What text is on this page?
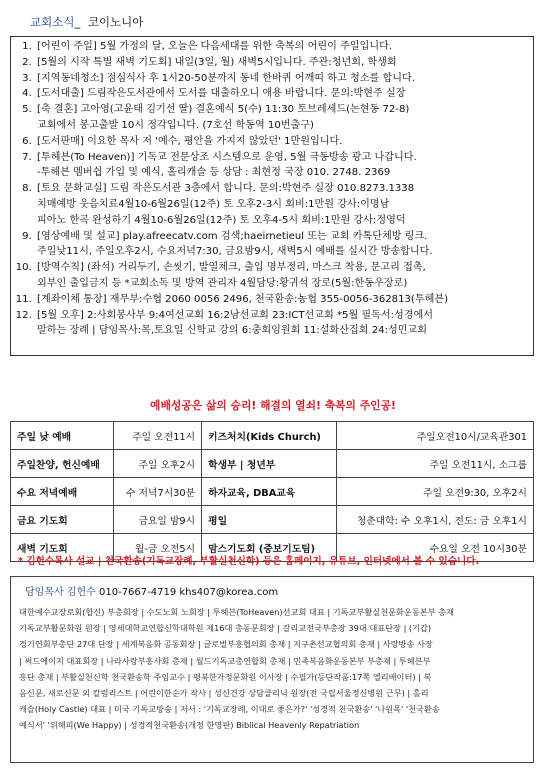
교회소식_ 코이노니아
1. [어린이 주일] 5월 가정의 달, 오늘은 다음세대를 위한 축복의 어린이 주일입니다.
2. [5월의 시작 특별 새벽 기도회] 내일(3일, 월) 새벽5시입니다. 주관:청년회, 학생회
3. [지역동네청소] 점심식사 후 1시20-50분까지 동네 한바퀴 어깨띠 하고 청소를 합니다.
4. [도서대출] 드림작은도서관에서 도서를 대출하오니 애용 바랍니다. 문의:박현주 실장
5. [축 결혼] 고아영(고윤태 김기선 딸) 결혼예식 5(수) 11:30 토브레세드(논현동 72-8)
교회에서 봉고출발 10시 정각입니다. (7호선 학동역 10번출구)
6. [도서판매] 이요한 목사 저 '예수, 평안을 가지지 않았던' 1만원입니다.
7. [투헤븐(To Heaven)] 기독교 전문상조 시스템으로 운영, 5월 극동방송 광고 나갑니다.
-투헤븐 멤버쉽 가입 및 예식, 홀리캐슬 등 상담 : 최현정 국장 010. 2748. 2369
8. [토요 문화교실] 드림 작은도서관 3층에서 합니다. 문의:박현주 실장 010.8273.1338
치매예방 웃음치료4월10-6월26일(12주) 토 오후2-3시 회비:1만원 강사:이명남
피아노 한곡 완성하기 4월10-6월26일(12주) 토 오후4-5시 회비:1만원 강사:정영덕
9. [영상예배 및 설교] play.afreecatv.com 검색;haeirnetieul 또는 교회 카톡단체방 링크.
주일낮11시, 주일오후2시, 수요저녁7:30, 금요밤9시, 새벽5시 예배를 실시간 방송합니다.
10. [방역수칙] (좌석) 거리두기, 손씻기, 발열체크, 출입 명부정리, 마스크 착용, 문고리 접촉,
외부인 출입금지 등 *교회소독 및 방역 관리자 4월담당:황귀석 장로(5월:한동우장로)
11. [계좌이체 통장] 재무부:수협 2060 0056 2496, 천국환송:농협 355-0056-362813(투헤븐)
12. [5월 오후] 2:사회봉사부 9:4여선교회 16:2남선교회 23:ICT선교회 *5월 필독서:성경에서
말하는 장례 | 담임목사:목,토요일 신학교 강의 6:충회임원회 11:설화산집회 24:성민교회
예배성공은 삶의 승리! 해결의 열쇠! 축복의 주인공!
주일 낮 예배	주일 오전11시	키즈처치(Kids Church)	주일오전10시/교육관301
주일찬양, 헌신예배	주일 오후2시	학생부 | 청년부	주일 오전11시, 소그룹
수요 저녁예배	수 저녁7시30분	하자교육, DBA교육	주일 오전9:30, 오후2시
금요 기도회	금요일 밤9시	평일	청춘대학: 수 오후1시, 전도: 금 오후1시
새벽 기도회	월-금 오전5시	맘스기도회 (중보기도팀)	수요일 오전 10시30분
* 김헌수목사 설교 | 천국환송(기독교장례, 부활실천신학) 등은 홈페이지, 유튜브, 인터넷에서 볼 수 있습니다.
담임목사 김헌수 010-7667-4719 khs407@korea.com
대한예수교장로회(합신) 부총회장 | 수도노회 노회장 | 투헤븐(ToHeaven)선교회 대표 | 기독교부활실천문화운동본부 총재
기독교부활문화원 원장 | 영세대학교연합신학대학원 제16대 총동문회장 | 갈리교전국부총장 39대 대표단장 | (기갑)
경기연회부총단 27대 단장 | 세계복음화 공동회장 | 글로벌부흥협의회 총재 | 지구촌선교협의회 총재 | 사랑방송 사장
| 써드에이지 대표회장 | 나라사랑부흥사회 총재 | 월드기독교총연합회 총재 | 민족복음화운동본부 부총재 | 투헤븐부
흥단 총재 | 부활실천신학 천국환송학 주임교수 | 평북한가정문화원 이사장 | 수필가(등단작품:17쪽 엘리베이터) | 복
음신문, 새로신문 외 칼럼리스트 | 어린이한순가 작사 | 성신건강 상담클리닉 원장(전 국립서울정신병원 근무) | 홀리
캐슬(Holy Castle) 대표 | 미국 기독교방송 | 저서 : '기독교장례, 이대로 좋은가?' '성경적 천국환송' '나원목' '천국환송
예식서' '위해피(We Happy) | 성경적천국환송(개정 한영판) Biblical Heavenly Repatriation
